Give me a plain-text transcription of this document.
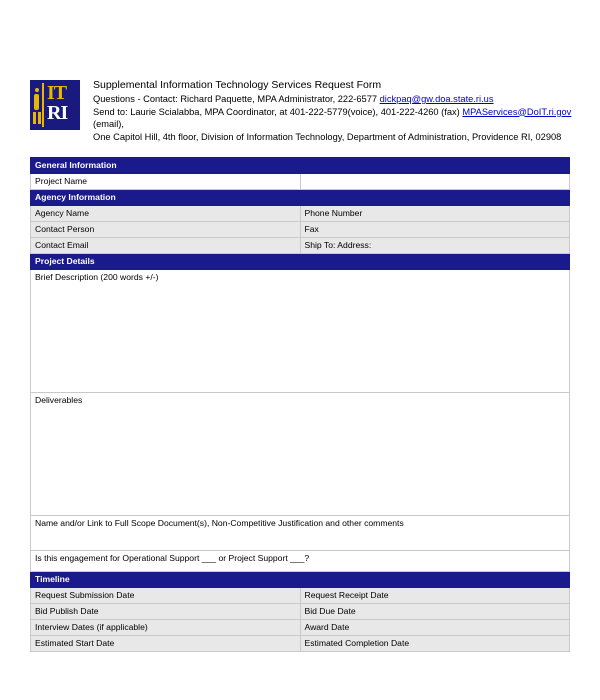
IT
RI
Supplemental Information Technology Services Request Form
Questions - Contact: Richard Paquette, MPA Administrator, 222-6577 dickpaq@gw.doa.state.ri.us
Send to: Laurie Scialabba, MPA Coordinator, at 401-222-5779(voice), 401-222-4260 (fax) MPAServices@DoIT.ri.gov (email),
One Capitol Hill, 4th floor, Division of Information Technology, Department of Administration, Providence RI, 02908
General Information	
Project Name	
Agency Information	
Agency Name	Phone Number
Contact Person	Fax
Contact Email	Ship To: Address:
Project Details	
Brief Description (200 words +/-)	
Deliverables	
Name and/or Link to Full Scope Document(s), Non-Competitive Justification and other comments	
Is this engagement for Operational Support ___ or Project Support ___?	
Timeline	
Request Submission Date	Request Receipt Date
Bid Publish Date	Bid Due Date
Interview Dates (if applicable)	Award Date
Estimated Start Date	Estimated Completion Date
